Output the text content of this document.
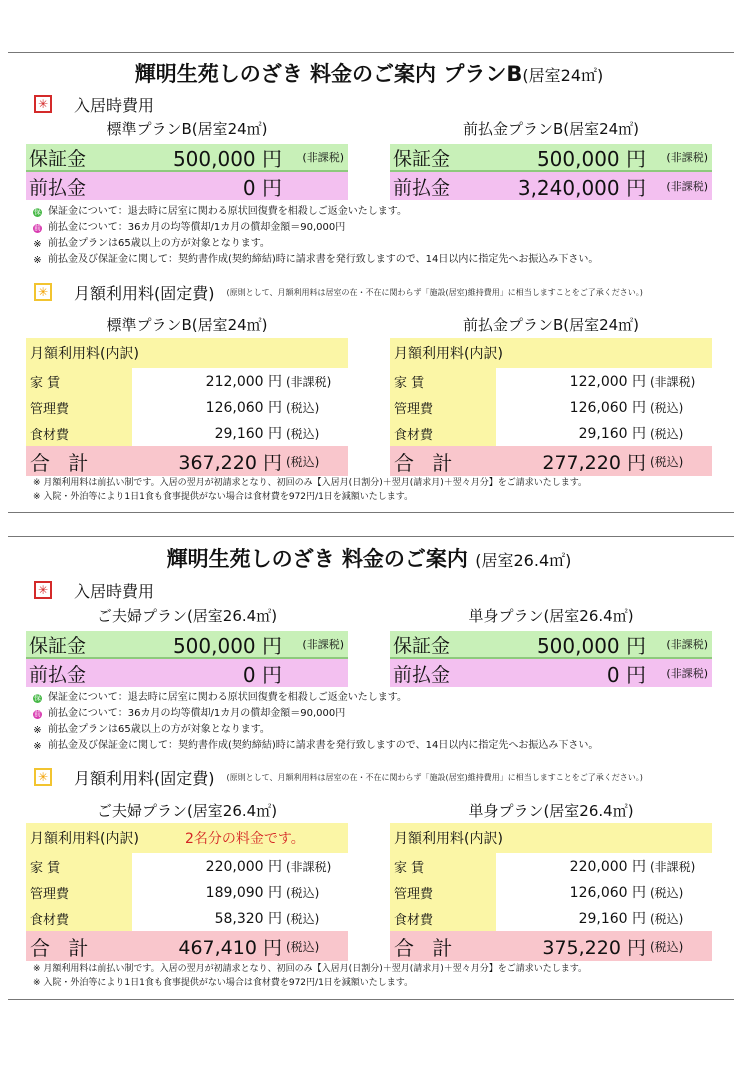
輝明生苑しのざき 料金のご案内 プランB(居室24㎡)
✳ 入居時費用
標準プランB(居室24㎡)	前払金プランB(居室24㎡)
保証金	500,000 円	(非課税)
前払金	0 円
保証金	500,000 円	(非課税)
前払金	3,240,000 円	(非課税)
保 保証金について：退去時に居室に関わる原状回復費を相殺しご返金いたします。
前 前払金について：36カ月の均等償却/1カ月の償却金額＝90,000円
※ 前払金プランは65歳以上の方が対象となります。
※ 前払金及び保証金に関して：契約書作成(契約締結)時に請求書を発行致しますので、14日以内に指定先へお振込み下さい。
✳ 月額利用料(固定費) (原則として、月額利用料は居室の在・不在に関わらず「施設(居室)維持費用」に相当しますことをご了承ください。)
標準プランB(居室24㎡)	前払金プランB(居室24㎡)
月額利用料(内訳)
家 賃	212,000 円 (非課税)
管理費	126,060 円 (税込)
食材費	29,160 円 (税込)
合 計	367,220 円 (税込)
月額利用料(内訳)
家 賃	122,000 円 (非課税)
管理費	126,060 円 (税込)
食材費	29,160 円 (税込)
合 計	277,220 円 (税込)
※ 月額利用料は前払い制です。入居の翌月が初請求となり、初回のみ【入居月(日割分)＋翌月(請求月)＋翌々月分】をご請求いたします。
※ 入院・外泊等により1日1食も食事提供がない場合は食材費を972円/1日を減額いたします。
輝明生苑しのざき 料金のご案内 (居室26.4㎡)
✳ 入居時費用
ご夫婦プラン(居室26.4㎡)	単身プラン(居室26.4㎡)
保証金	500,000 円	(非課税)
前払金	0 円
保証金	500,000 円	(非課税)
前払金	0 円	(非課税)
保 保証金について：退去時に居室に関わる原状回復費を相殺しご返金いたします。
前 前払金について：36カ月の均等償却/1カ月の償却金額＝90,000円
※ 前払金プランは65歳以上の方が対象となります。
※ 前払金及び保証金に関して：契約書作成(契約締結)時に請求書を発行致しますので、14日以内に指定先へお振込み下さい。
✳ 月額利用料(固定費) (原則として、月額利用料は居室の在・不在に関わらず「施設(居室)維持費用」に相当しますことをご了承ください。)
ご夫婦プラン(居室26.4㎡)	単身プラン(居室26.4㎡)
月額利用料(内訳)	2名分の料金です。
家 賃	220,000 円 (非課税)
管理費	189,090 円 (税込)
食材費	58,320 円 (税込)
合 計	467,410 円 (税込)
月額利用料(内訳)
家 賃	220,000 円 (非課税)
管理費	126,060 円 (税込)
食材費	29,160 円 (税込)
合 計	375,220 円 (税込)
※ 月額利用料は前払い制です。入居の翌月が初請求となり、初回のみ【入居月(日割分)＋翌月(請求月)＋翌々月分】をご請求いたします。
※ 入院・外泊等により1日1食も食事提供がない場合は食材費を972円/1日を減額いたします。
